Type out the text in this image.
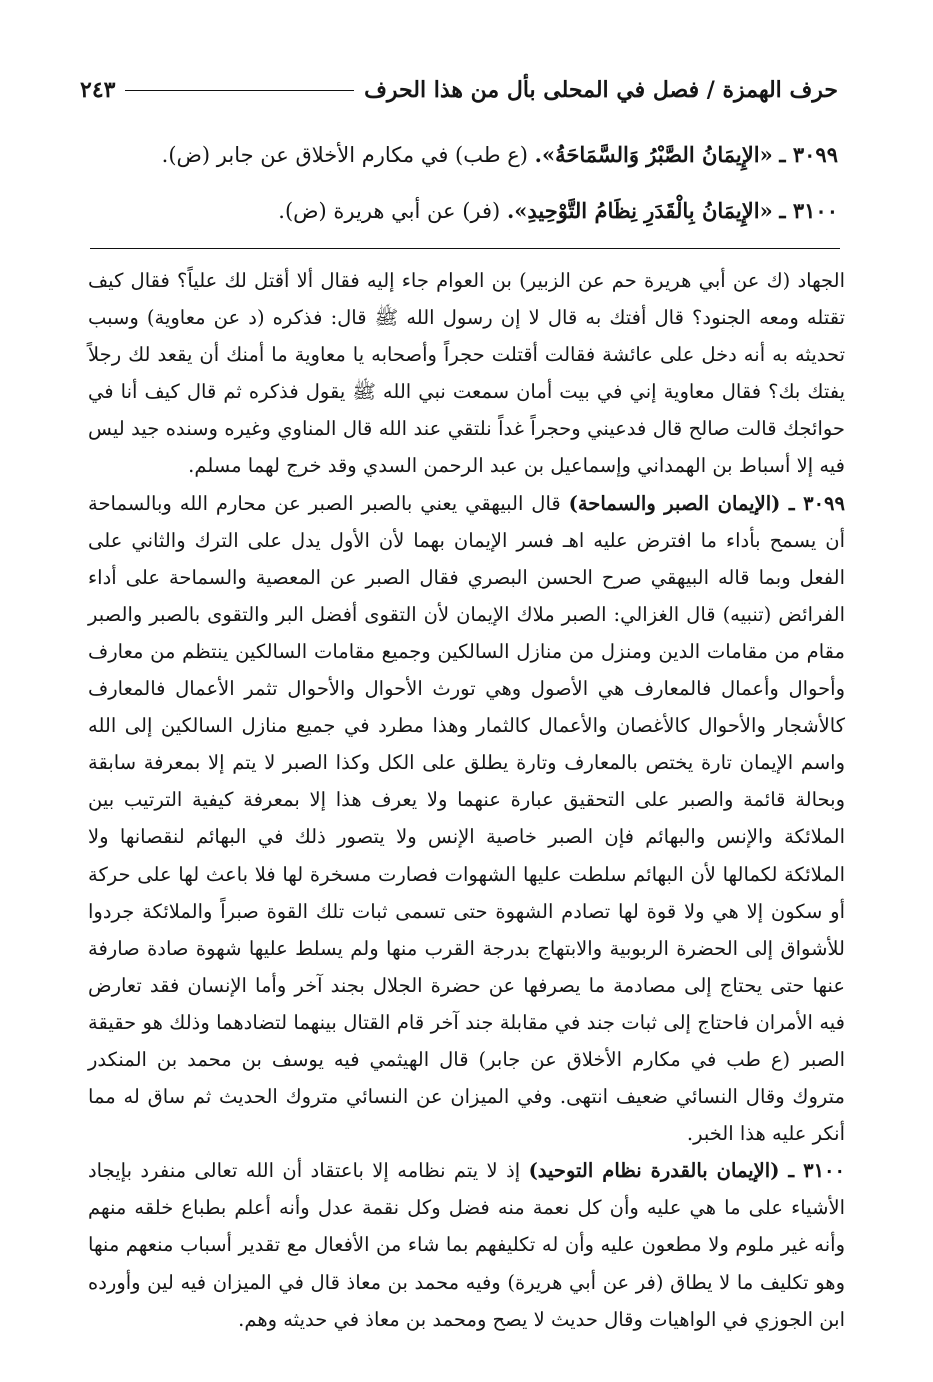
حرف الهمزة / فصل في المحلى بأل من هذا الحرف
٢٤٣
٣٠٩٩ ـ «الإِيمَانُ الصَّبْرُ وَالسَّمَاحَةُ». (ع طب) في مكارم الأخلاق عن جابر (ض).
٣١٠٠ ـ «الإِيمَانُ بِالْقَدَرِ نِظَامُ التَّوْحِيدِ». (فر) عن أبي هريرة (ض).

الجهاد (ك عن أبي هريرة حم عن الزبير) بن العوام جاء إليه فقال ألا أقتل لك علياً؟ فقال كيف تقتله ومعه الجنود؟ قال أفتك به قال لا إن رسول الله ﷺ قال: فذكره (د عن معاوية) وسبب تحديثه به أنه دخل على عائشة فقالت أقتلت حجراً وأصحابه يا معاوية ما أمنك أن يقعد لك رجلاً يفتك بك؟ فقال معاوية إني في بيت أمان سمعت نبي الله ﷺ يقول فذكره ثم قال كيف أنا في حوائجك قالت صالح قال فدعيني وحجراً غداً نلتقي عند الله قال المناوي وغيره وسنده جيد ليس فيه إلا أسباط بن الهمداني وإسماعيل بن عبد الرحمن السدي وقد خرج لهما مسلم.

٣٠٩٩ ـ (الإيمان الصبر والسماحة) قال البيهقي يعني بالصبر الصبر عن محارم الله وبالسماحة أن يسمح بأداء ما افترض عليه اهـ فسر الإيمان بهما لأن الأول يدل على الترك والثاني على الفعل وبما قاله البيهقي صرح الحسن البصري فقال الصبر عن المعصية والسماحة على أداء الفرائض (تنبيه) قال الغزالي: الصبر ملاك الإيمان لأن التقوى أفضل البر والتقوى بالصبر والصبر مقام من مقامات الدين ومنزل من منازل السالكين وجميع مقامات السالكين ينتظم من معارف وأحوال وأعمال فالمعارف هي الأصول وهي تورث الأحوال والأحوال تثمر الأعمال فالمعارف كالأشجار والأحوال كالأغصان والأعمال كالثمار وهذا مطرد في جميع منازل السالكين إلى الله واسم الإيمان تارة يختص بالمعارف وتارة يطلق على الكل وكذا الصبر لا يتم إلا بمعرفة سابقة وبحالة قائمة والصبر على التحقيق عبارة عنهما ولا يعرف هذا إلا بمعرفة كيفية الترتيب بين الملائكة والإنس والبهائم فإن الصبر خاصية الإنس ولا يتصور ذلك في البهائم لنقصانها ولا الملائكة لكمالها لأن البهائم سلطت عليها الشهوات فصارت مسخرة لها فلا باعث لها على حركة أو سكون إلا هي ولا قوة لها تصادم الشهوة حتى تسمى ثبات تلك القوة صبراً والملائكة جردوا للأشواق إلى الحضرة الربوبية والابتهاج بدرجة القرب منها ولم يسلط عليها شهوة صادة صارفة عنها حتى يحتاج إلى مصادمة ما يصرفها عن حضرة الجلال بجند آخر وأما الإنسان فقد تعارض فيه الأمران فاحتاج إلى ثبات جند في مقابلة جند آخر قام القتال بينهما لتضادهما وذلك هو حقيقة الصبر (ع طب في مكارم الأخلاق عن جابر) قال الهيثمي فيه يوسف بن محمد بن المنكدر متروك وقال النسائي ضعيف انتهى. وفي الميزان عن النسائي متروك الحديث ثم ساق له مما أنكر عليه هذا الخبر.

٣١٠٠ ـ (الإيمان بالقدرة نظام التوحيد) إذ لا يتم نظامه إلا باعتقاد أن الله تعالى منفرد بإيجاد الأشياء على ما هي عليه وأن كل نعمة منه فضل وكل نقمة عدل وأنه أعلم بطباع خلقه منهم وأنه غير ملوم ولا مطعون عليه وأن له تكليفهم بما شاء من الأفعال مع تقدير أسباب منعهم منها وهو تكليف ما لا يطاق (فر عن أبي هريرة) وفيه محمد بن معاذ قال في الميزان فيه لين وأورده ابن الجوزي في الواهيات وقال حديث لا يصح ومحمد بن معاذ في حديثه وهم.
